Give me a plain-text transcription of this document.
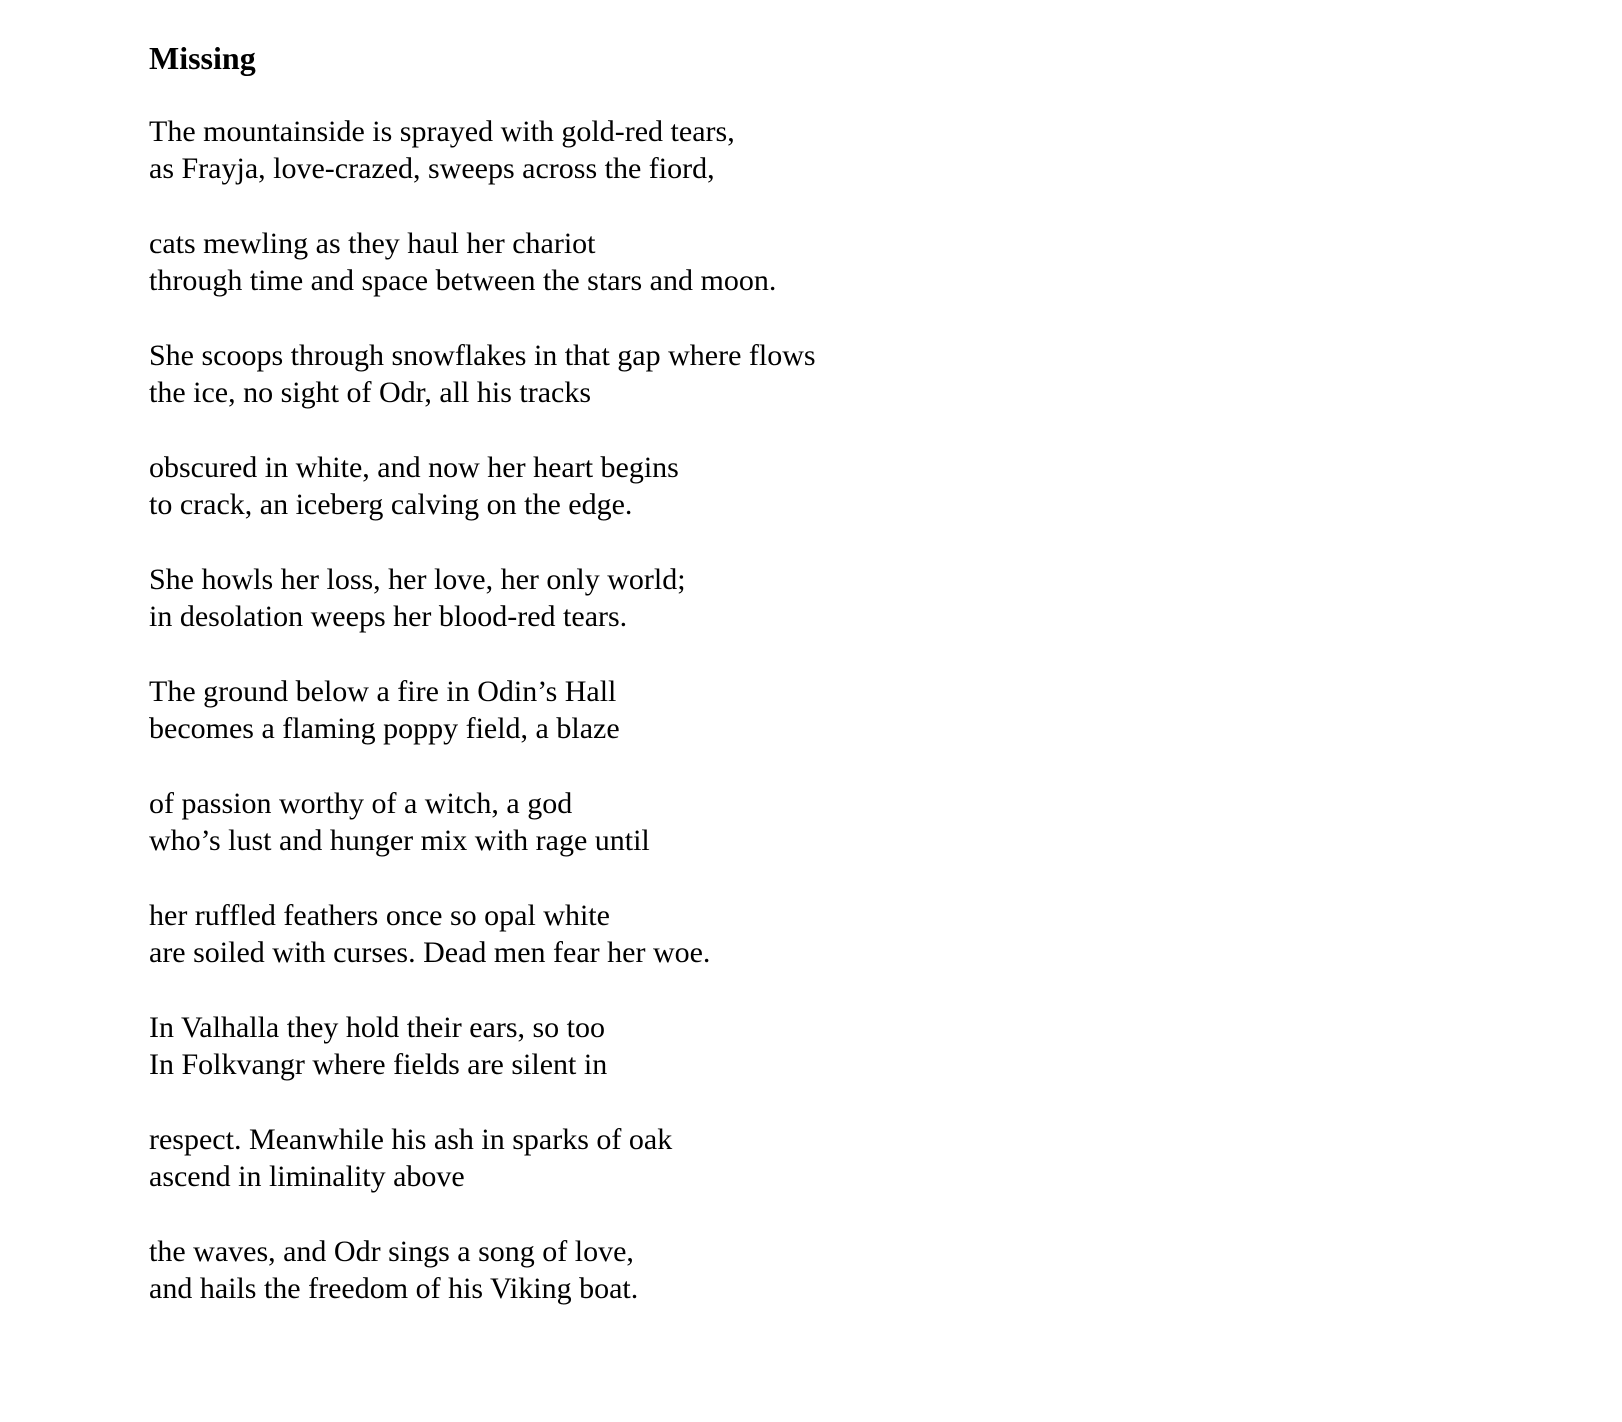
Missing

The mountainside is sprayed with gold-red tears,
as Frayja, love-crazed, sweeps across the fiord,

cats mewling as they haul her chariot
through time and space between the stars and moon.

She scoops through snowflakes in that gap where flows
the ice, no sight of Odr, all his tracks

obscured in white, and now her heart begins
to crack, an iceberg calving on the edge.

She howls her loss, her love, her only world;
in desolation weeps her blood-red tears.

The ground below a fire in Odin’s Hall
becomes a flaming poppy field, a blaze

of passion worthy of a witch, a god
who’s lust and hunger mix with rage until

her ruffled feathers once so opal white
are soiled with curses. Dead men fear her woe.

In Valhalla they hold their ears, so too
In Folkvangr where fields are silent in

respect. Meanwhile his ash in sparks of oak
ascend in liminality above

the waves, and Odr sings a song of love,
and hails the freedom of his Viking boat.
